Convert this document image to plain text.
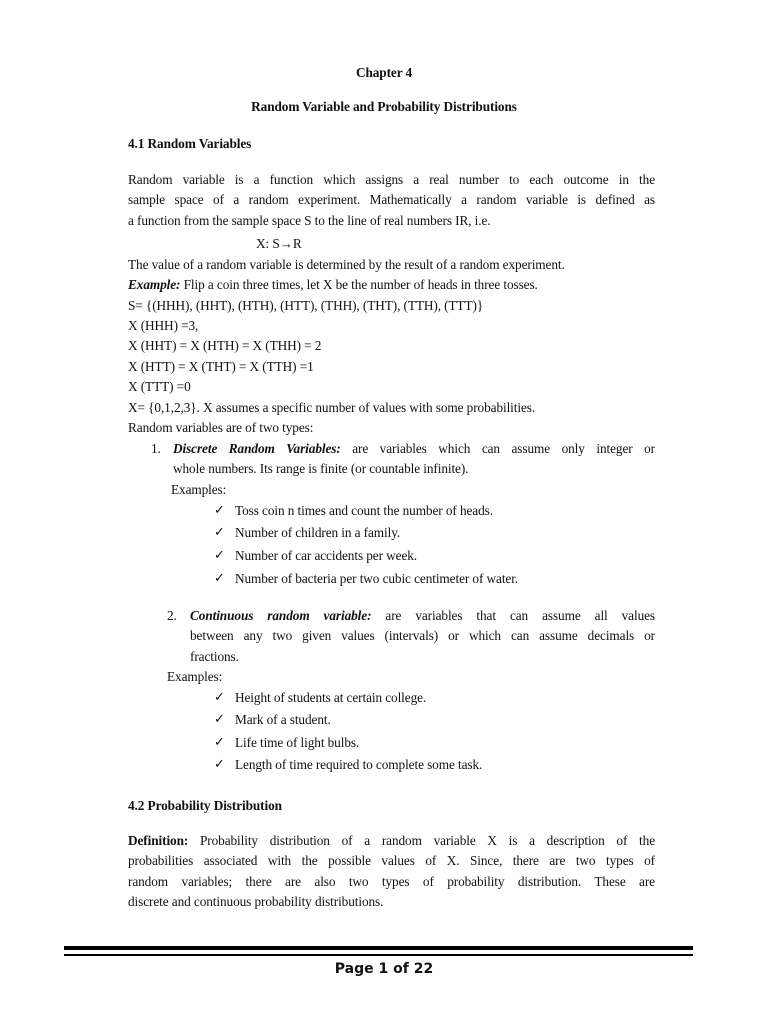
Chapter 4
Random Variable and Probability Distributions
4.1 Random Variables
Random variable is a function which assigns a real number to each outcome in the
sample space of a random experiment. Mathematically a random variable is defined as
a function from the sample space S to the line of real numbers IR, i.e.
X: S→R
The value of a random variable is determined by the result of a random experiment.
Example: Flip a coin three times, let X be the number of heads in three tosses.
S= {(HHH), (HHT), (HTH), (HTT), (THH), (THT), (TTH), (TTT)}
X (HHH) =3,
X (HHT) = X (HTH) = X (THH) = 2
X (HTT) = X (THT) = X (TTH) =1
X (TTT) =0
X= {0,1,2,3}. X assumes a specific number of values with some probabilities.
Random variables are of two types:
1. Discrete Random Variables: are variables which can assume only integer or
whole numbers. Its range is finite (or countable infinite).
Examples:
✓ Toss coin n times and count the number of heads.
✓ Number of children in a family.
✓ Number of car accidents per week.
✓ Number of bacteria per two cubic centimeter of water.
2. Continuous random variable: are variables that can assume all values
between any two given values (intervals) or which can assume decimals or
fractions.
Examples:
✓ Height of students at certain college.
✓ Mark of a student.
✓ Life time of light bulbs.
✓ Length of time required to complete some task.
4.2 Probability Distribution
Definition: Probability distribution of a random variable X is a description of the
probabilities associated with the possible values of X. Since, there are two types of
random variables; there are also two types of probability distribution. These are
discrete and continuous probability distributions.
Page 1 of 22
